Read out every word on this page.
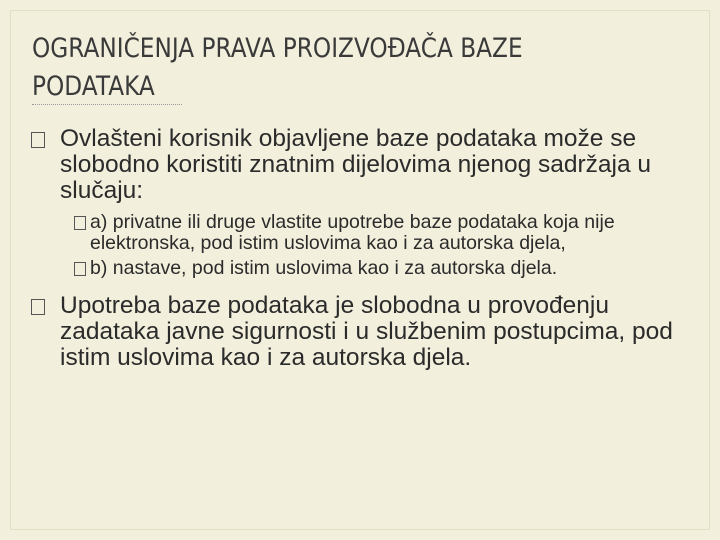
OGRANIČENJA PRAVA PROIZVOĐAČA BAZE
PODATAKA
Ovlašteni korisnik objavljene baze podataka može se slobodno koristiti znatnim dijelovima njenog sadržaja u slučaju:
a) privatne ili druge vlastite upotrebe baze podataka koja nije elektronska, pod istim uslovima kao i za autorska djela,
b) nastave, pod istim uslovima kao i za autorska djela.
Upotreba baze podataka je slobodna u provođenju zadataka javne sigurnosti i u službenim postupcima, pod istim uslovima kao i za autorska djela.
